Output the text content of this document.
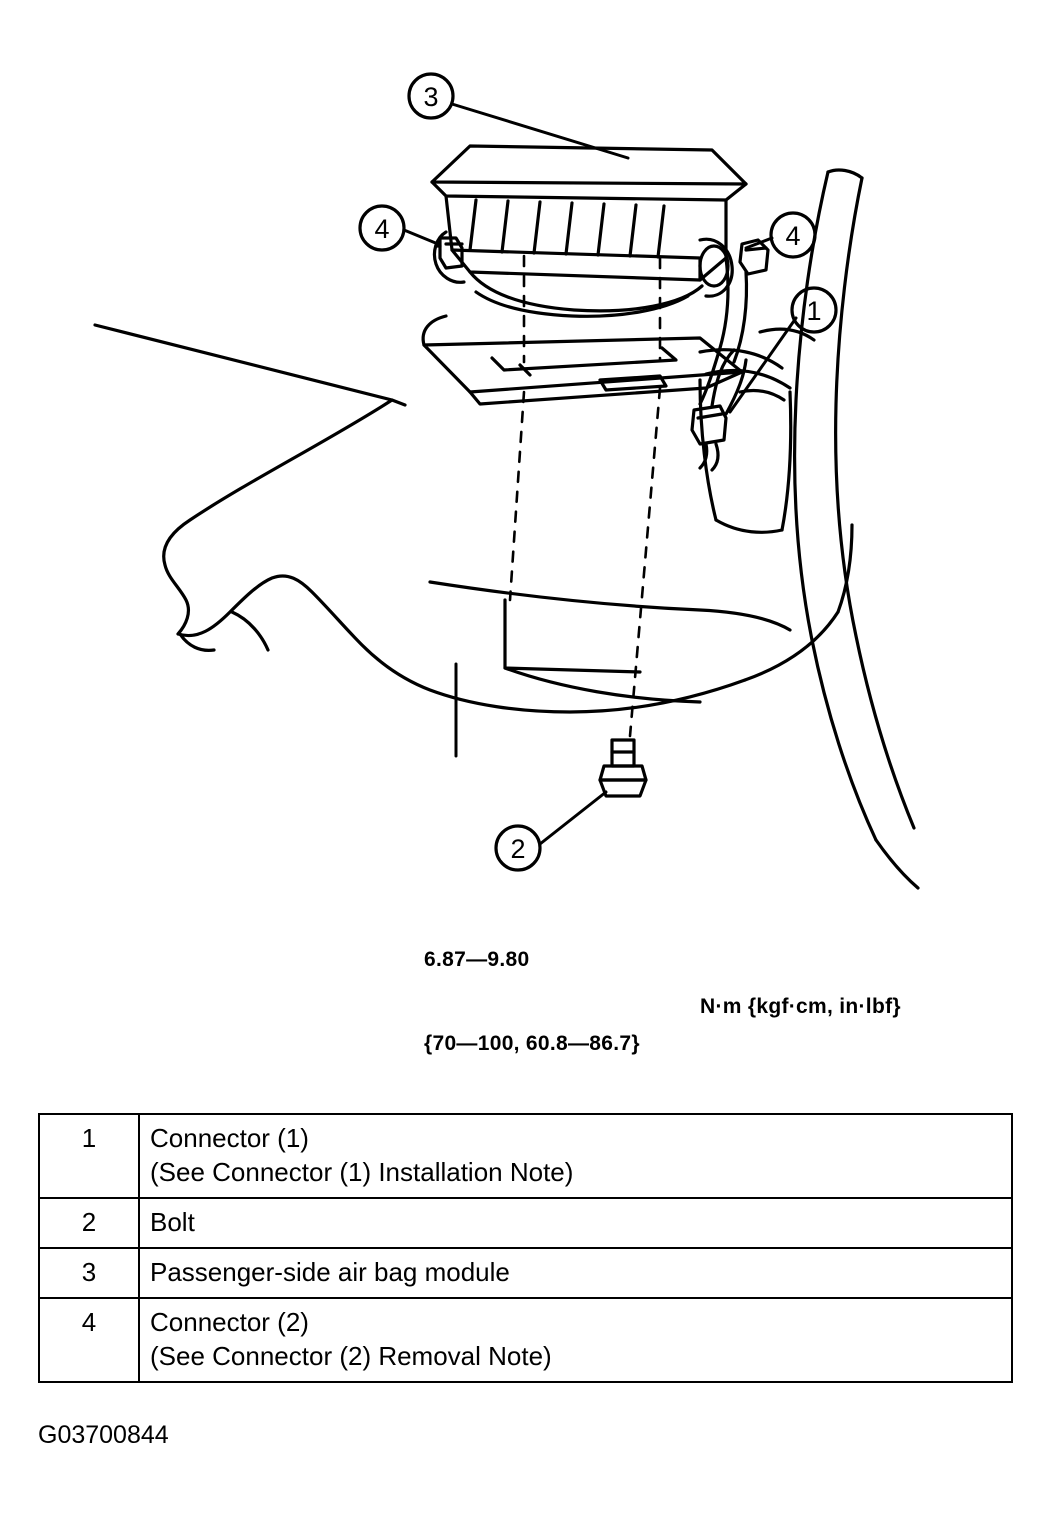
3
4	4
1
2

6.87—9.80

{70—100, 60.8—86.7}

N·m {kgf·cm, in·lbf}
1	Connector (1)
(See Connector (1) Installation Note)

2	Bolt

3	Passenger-side air bag module

4	Connector (2)
(See Connector (2) Removal Note)
G03700844
